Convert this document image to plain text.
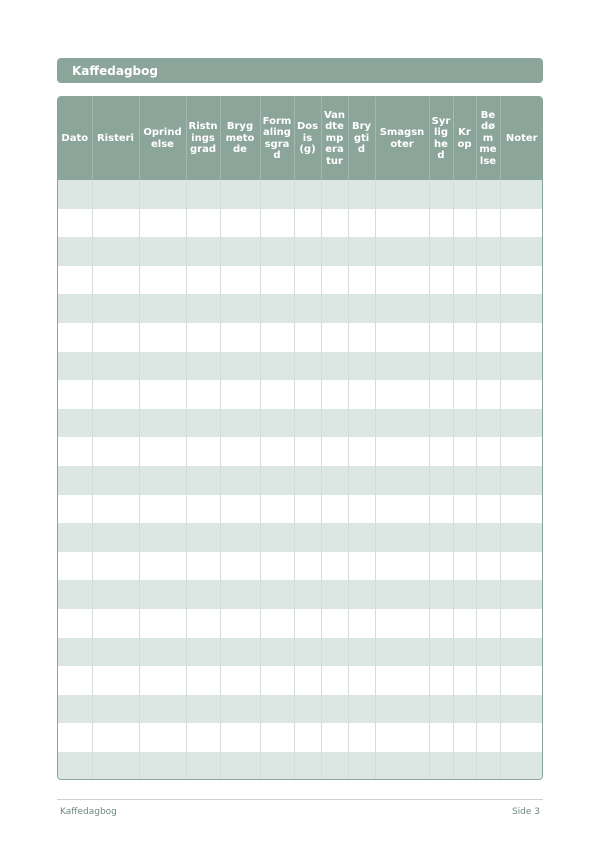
Kaffedagbog
Dato	Risteri	Oprindelse	Ristningsgrad	Brygmetode	Formalingsgrad	Dosis (g)	Vandtemperatur	Brygtid	Smagsnoter	Syrlighed	Krop	Bedømmelse	Noter

Kaffedagbog	Side 3
